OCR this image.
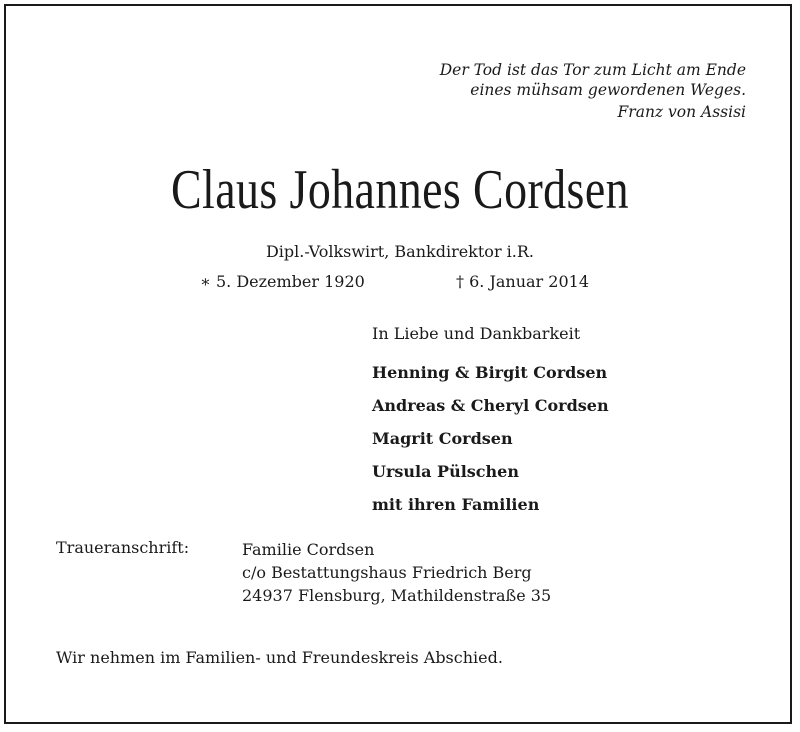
Der Tod ist das Tor zum Licht am Ende
eines mühsam gewordenen Weges.
Franz von Assisi
Claus Johannes Cordsen
Dipl.-Volkswirt, Bankdirektor i.R.
∗ 5. Dezember 1920	† 6. Januar 2014
In Liebe und Dankbarkeit
Henning & Birgit Cordsen
Andreas & Cheryl Cordsen
Magrit Cordsen
Ursula Pülschen
mit ihren Familien
Traueranschrift:	Familie Cordsen
c/o Bestattungshaus Friedrich Berg
24937 Flensburg, Mathildenstraße 35
Wir nehmen im Familien- und Freundeskreis Abschied.
